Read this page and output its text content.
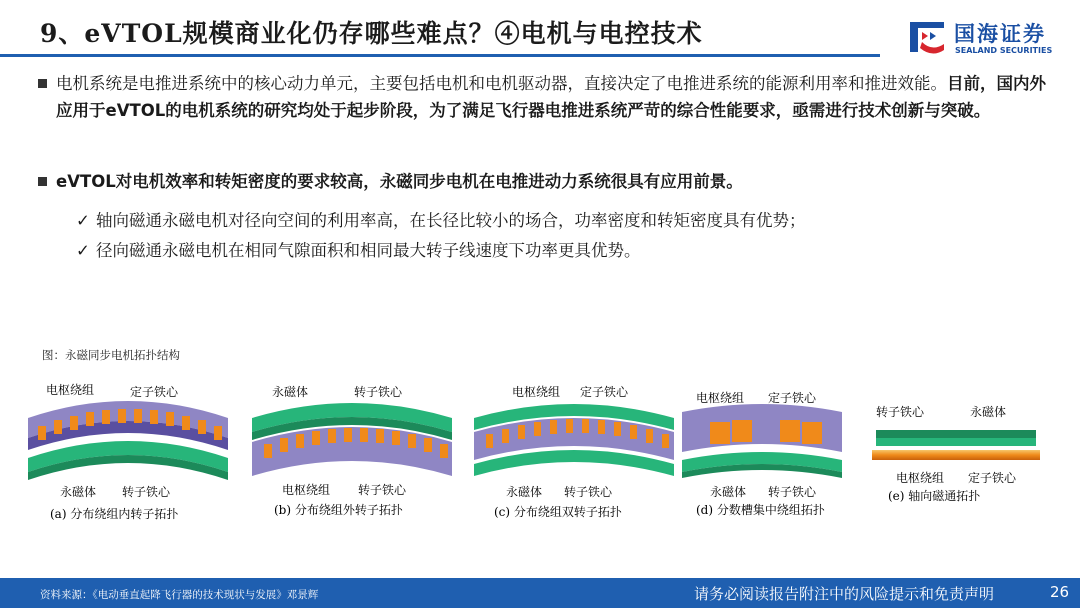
9、eVTOL规模商业化仍存哪些难点？④电机与电控技术	国海证券
SEALAND SECURITIES
电机系统是电推进系统中的核心动力单元，主要包括电机和电机驱动器，直接决定了电推进系统的能源利用率和推进效能。目前，国内外应用于eVTOL的电机系统的研究均处于起步阶段，为了满足飞行器电推进系统严苛的综合性能要求，亟需进行技术创新与突破。
eVTOL对电机效率和转矩密度的要求较高，永磁同步电机在电推进动力系统很具有应用前景。
✓ 轴向磁通永磁电机对径向空间的利用率高，在长径比较小的场合，功率密度和转矩密度具有优势；
✓ 径向磁通永磁电机在相同气隙面积和相同最大转子线速度下功率更具优势。
图：永磁同步电机拓扑结构
电枢绕组	定子铁心
永磁体 转子铁心
(a) 分布绕组内转子拓扑
永磁体	转子铁心
电枢绕组 转子铁心
(b) 分布绕组外转子拓扑
电枢绕组 定子铁心
永磁体 转子铁心
(c) 分布绕组双转子拓扑
电枢绕组 定子铁心
永磁体 转子铁心
(d) 分数槽集中绕组拓扑
转子铁心	永磁体
电枢绕组 定子铁心
(e) 轴向磁通拓扑
资料来源：《电动垂直起降飞行器的技术现状与发展》邓景辉	请务必阅读报告附注中的风险提示和免责声明	26
